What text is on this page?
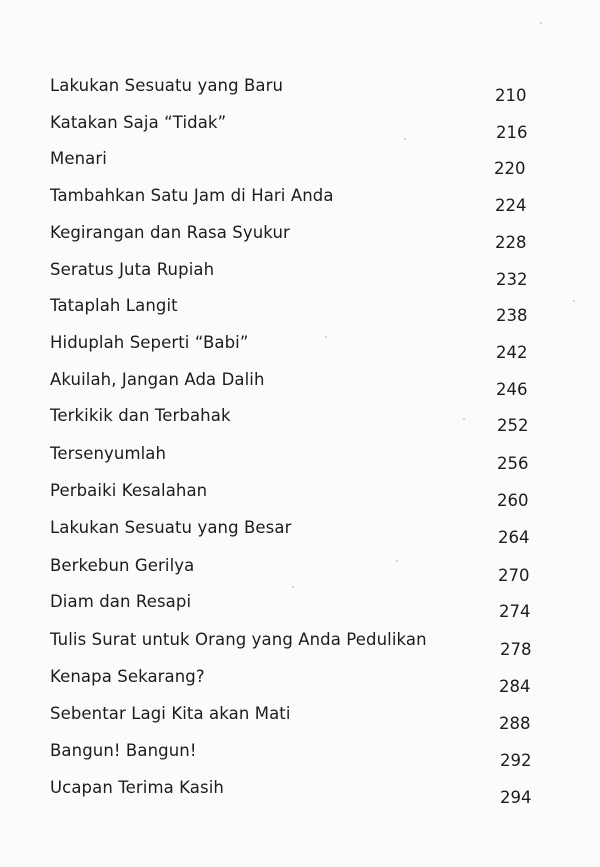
Lakukan Sesuatu yang Baru
210
Katakan Saja “Tidak”
216
Menari
220
Tambahkan Satu Jam di Hari Anda
224
Kegirangan dan Rasa Syukur
228
Seratus Juta Rupiah
232
Tataplah Langit
238
Hiduplah Seperti “Babi”
242
Akuilah, Jangan Ada Dalih
246
Terkikik dan Terbahak
252
Tersenyumlah
256
Perbaiki Kesalahan
260
Lakukan Sesuatu yang Besar
264
Berkebun Gerilya
270
Diam dan Resapi
274
Tulis Surat untuk Orang yang Anda Pedulikan
278
Kenapa Sekarang?
284
Sebentar Lagi Kita akan Mati
288
Bangun! Bangun!
292
Ucapan Terima Kasih
294
